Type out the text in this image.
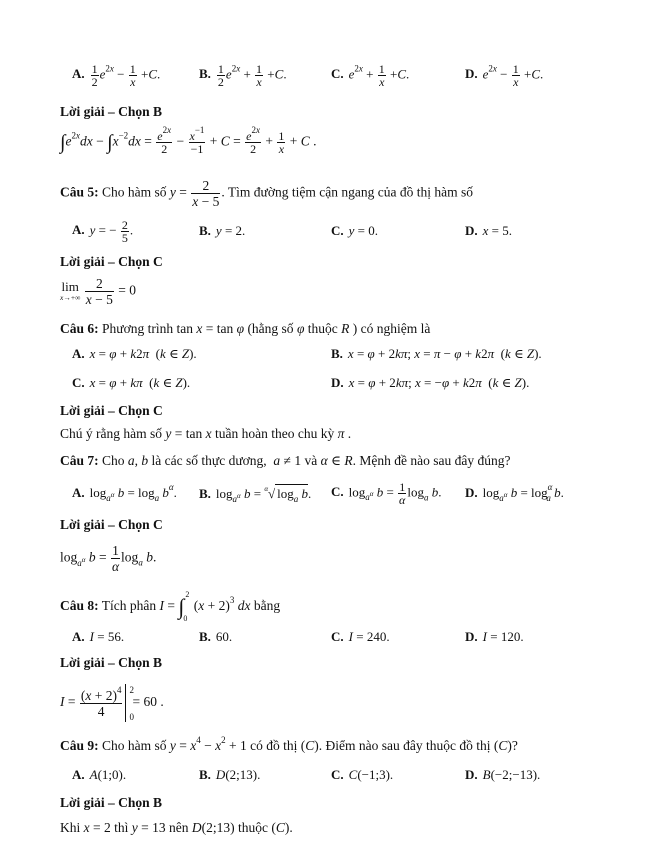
A. $\frac{1}{2} e^{2x} - \frac{1}{x} +C$.	B. $\frac{1}{2} e^{2x} + \frac{1}{x} +C$.	C. $e^{2x} + \frac{1}{x} +C$.	D. $e^{2x} - \frac{1}{x} +C$.
Lời giải – Chọn B
$\int e^{2x}dx - \int x^{-2}dx = \frac{e^{2x}}{2} - \frac{x^{-1}}{-1} + C = \frac{e^{2x}}{2} + \frac{1}{x} + C$ .
Câu 5: Cho hàm số $y = \frac{2}{x - 5}$ . Tìm đường tiệm cận ngang của đồ thị hàm số
A. y = − $\frac{2}{5}$ .	B. y = 2.	C. y = 0.	D. x = 5.
Lời giải – Chọn C
lim
x→+∞
$\frac{2}{x - 5} = 0$
Câu 6: Phương trình tan x = tan φ (hằng số φ thuộc R ) có nghiệm là
A. x = φ + k2π  (k ∈ Z).	B. x = φ + 2kπ; x = π − φ + k2π  (k ∈ Z).
C. x = φ + kπ  (k ∈ Z).	D. x = φ + 2kπ; x = −φ + k2π  (k ∈ Z).
Lời giải – Chọn C
Chú ý rằng hàm số y = tan x tuần hoàn theo chu kỳ π .
Câu 7: Cho a, b là các số thực dương, a ≠ 1 và α ∈ R. Mệnh đề nào sau đây đúng?
A. $\log_{a^\alpha} b = \log_a b^\alpha$. B. $\log_{a^\alpha} b = ^\alpha√$ $\log_a b$. C. $\log_{a^\alpha} b = \frac{1}{\alpha} \log_a b$. D. $\log_{a^\alpha} b = \log^\alpha_a b$.
Lời giải – Chọn C
$\log_{a^\alpha} b = \frac{1}{\alpha} \log_a b$.
Câu 8: Tích phân I =
2
∫
0
$(x + 2)^3$ dx bằng
A. I = 56.	B. 60.	C. I = 240.	D. I = 120.
Lời giải – Chọn B
$I = \frac{(x + 2)^4}{4} 2$
0
= 60 .
Câu 9: Cho hàm số $y = x^4 - x^2 + 1$ có đồ thị (C). Điểm nào sau đây thuộc đồ thị (C)?
A. A(1;0).	B. D(2;13).	C. C(−1;3).	D. B(−2;−13).
Lời giải – Chọn B
Khi x = 2 thì y = 13 nên D(2;13) thuộc (C).
